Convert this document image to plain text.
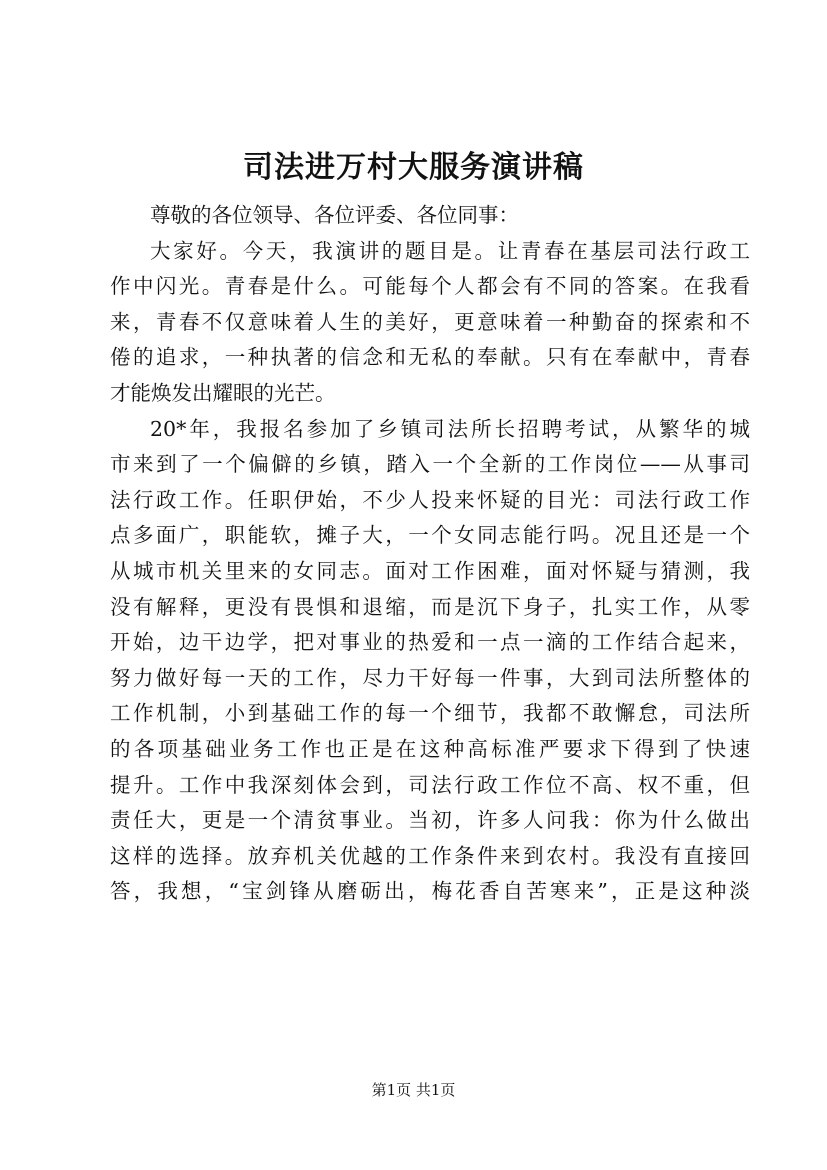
司法进万村大服务演讲稿
尊敬的各位领导、各位评委、各位同事：
大家好。今天，我演讲的题目是。让青春在基层司法行政工
作中闪光。青春是什么。可能每个人都会有不同的答案。在我看
来，青春不仅意味着人生的美好，更意味着一种勤奋的探索和不
倦的追求，一种执著的信念和无私的奉献。只有在奉献中，青春
才能焕发出耀眼的光芒。
20*年，我报名参加了乡镇司法所长招聘考试，从繁华的城
市来到了一个偏僻的乡镇，踏入一个全新的工作岗位——从事司
法行政工作。任职伊始，不少人投来怀疑的目光：司法行政工作
点多面广，职能软，摊子大，一个女同志能行吗。况且还是一个
从城市机关里来的女同志。面对工作困难，面对怀疑与猜测，我
没有解释，更没有畏惧和退缩，而是沉下身子，扎实工作，从零
开始，边干边学，把对事业的热爱和一点一滴的工作结合起来，
努力做好每一天的工作，尽力干好每一件事，大到司法所整体的
工作机制，小到基础工作的每一个细节，我都不敢懈怠，司法所
的各项基础业务工作也正是在这种高标准严要求下得到了快速
提升。工作中我深刻体会到，司法行政工作位不高、权不重，但
责任大，更是一个清贫事业。当初，许多人问我：你为什么做出
这样的选择。放弃机关优越的工作条件来到农村。我没有直接回
答，我想，“宝剑锋从磨砺出，梅花香自苦寒来”，正是这种淡
第1页 共1页
